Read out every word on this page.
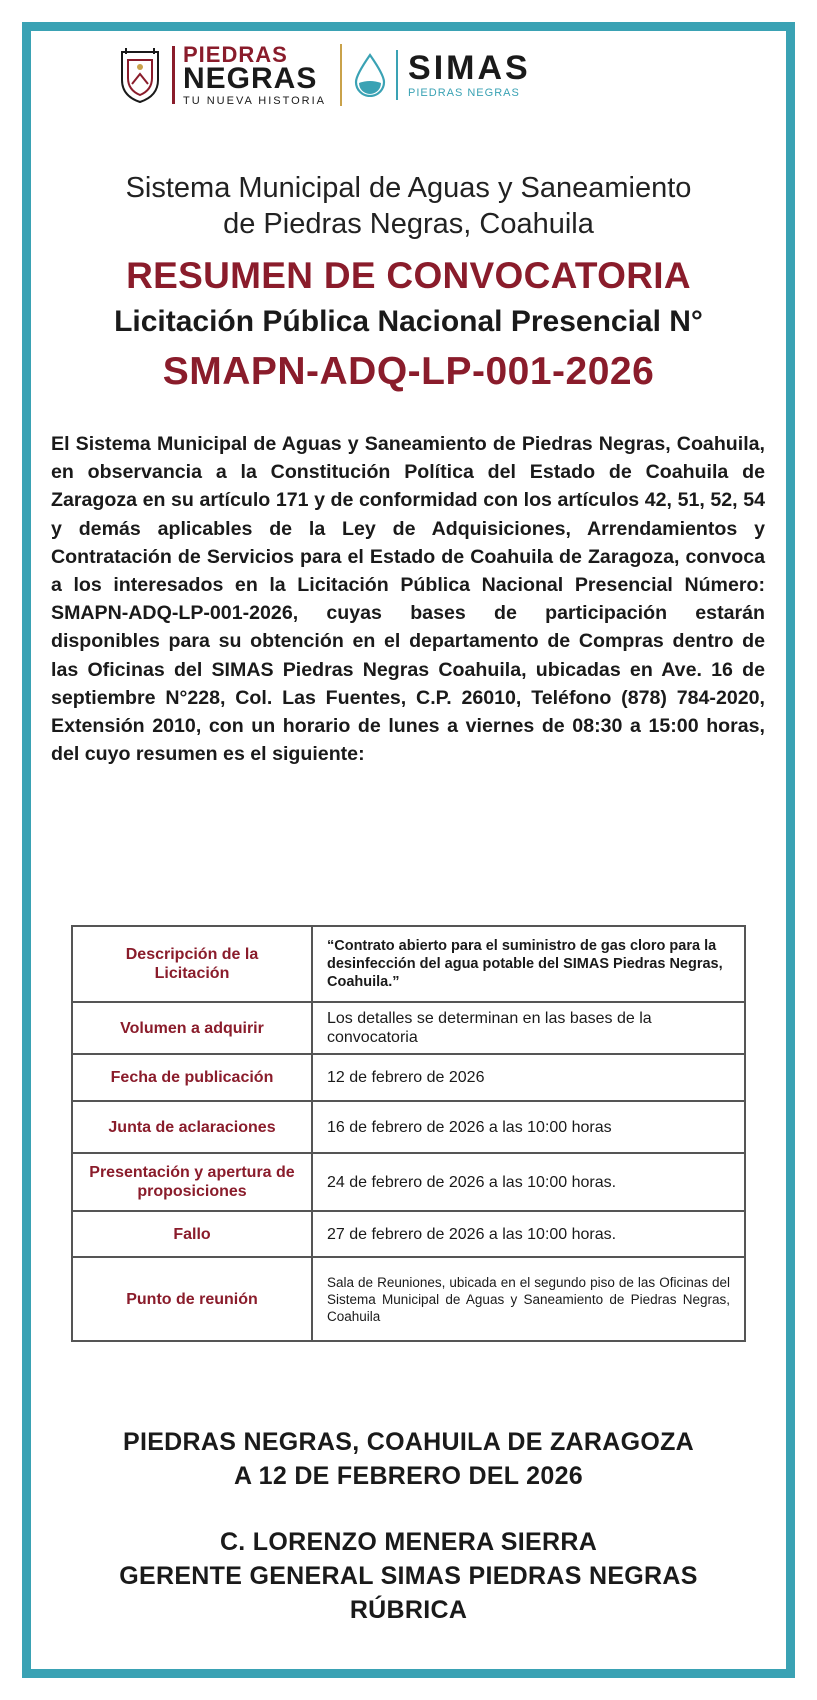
PIEDRAS
NEGRAS
TU NUEVA HISTORIA
SIMAS
PIEDRAS NEGRAS
Sistema Municipal de Aguas y Saneamiento
de Piedras Negras, Coahuila
RESUMEN DE CONVOCATORIA
Licitación Pública Nacional Presencial N°
SMAPN-ADQ-LP-001-2026

El Sistema Municipal de Aguas y Saneamiento de Piedras Negras, Coahuila, en observancia a la Constitución Política del Estado de Coahuila de Zaragoza en su artículo 171 y de conformidad con los artículos 42, 51, 52, 54 y demás aplicables de la Ley de Adquisiciones, Arrendamientos y Contratación de Servicios para el Estado de Coahuila de Zaragoza, convoca a los interesados en la Licitación Pública Nacional Presencial Número: SMAPN-ADQ-LP-001-2026, cuyas bases de participación estarán disponibles para su obtención en el departamento de Compras dentro de las Oficinas del SIMAS Piedras Negras Coahuila, ubicadas en Ave. 16 de septiembre N°228, Col. Las Fuentes, C.P. 26010, Teléfono (878) 784-2020, Extensión 2010, con un horario de lunes a viernes de 08:30 a 15:00 horas, del cuyo resumen es el siguiente:

Descripción de la Licitación	“Contrato abierto para el suministro de gas cloro para la desinfección del agua potable del SIMAS Piedras Negras, Coahuila.”
Volumen a adquirir	Los detalles se determinan en las bases de la convocatoria
Fecha de publicación	12 de febrero de 2026
Junta de aclaraciones	16 de febrero de 2026 a las 10:00 horas
Presentación y apertura de proposiciones	24 de febrero de 2026 a las 10:00 horas.
Fallo	27 de febrero de 2026 a las 10:00 horas.
Punto de reunión	Sala de Reuniones, ubicada en el segundo piso de las Oficinas del Sistema Municipal de Aguas y Saneamiento de Piedras Negras, Coahuila
PIEDRAS NEGRAS, COAHUILA DE ZARAGOZA
A 12 DE FEBRERO DEL 2026
C. LORENZO MENERA SIERRA
GERENTE GENERAL SIMAS PIEDRAS NEGRAS
RÚBRICA
